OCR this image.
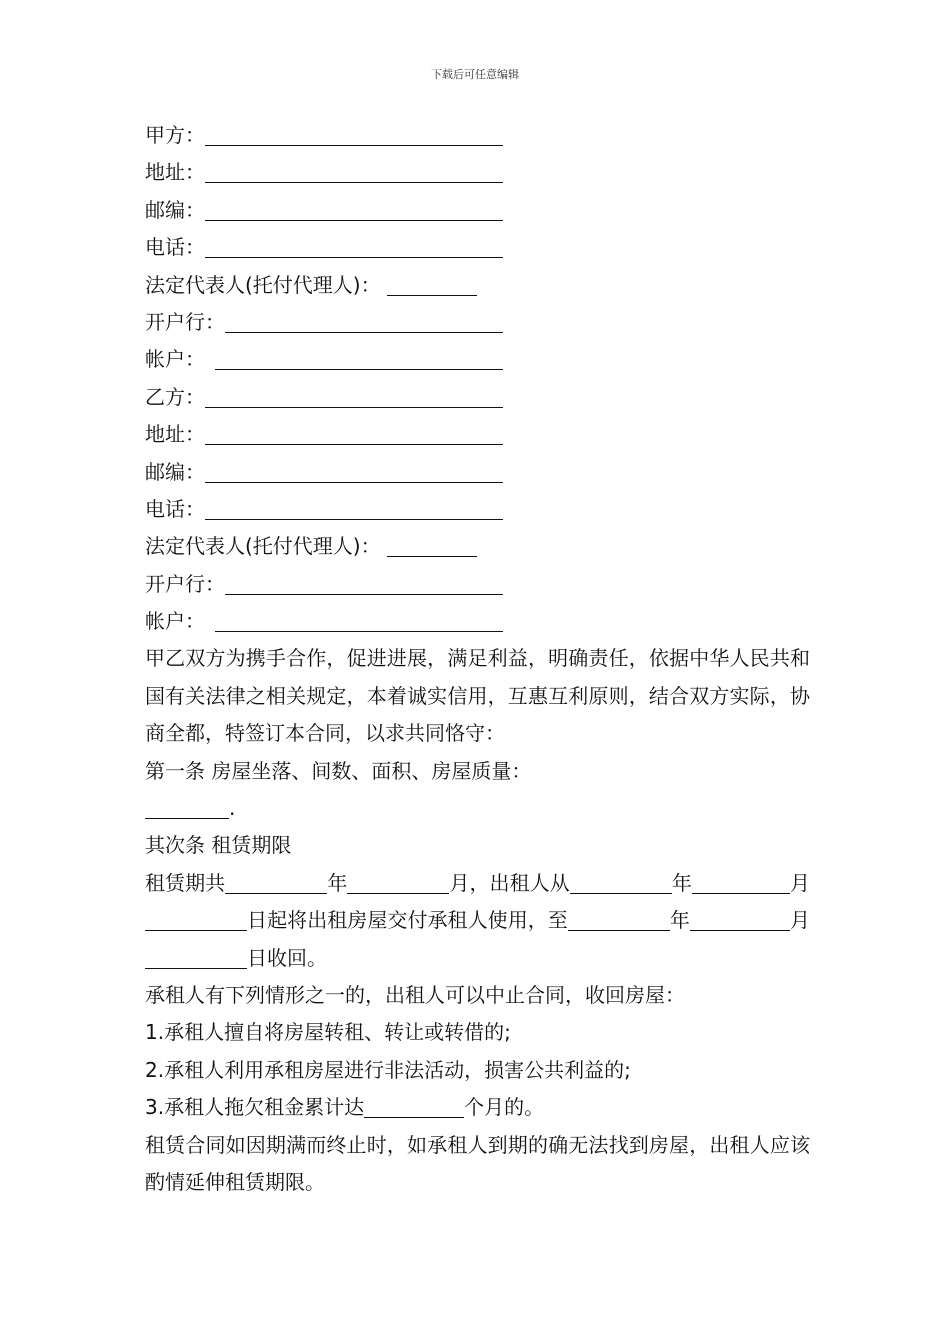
下载后可任意编辑
甲方：
地址：
邮编：
电话：
法定代表人(托付代理人)：
开户行：
帐户：
乙方：
地址：
邮编：
电话：
法定代表人(托付代理人)：
开户行：
帐户：
甲乙双方为携手合作，促进进展，满足利益，明确责任，依据中华人民共和国有关法律之相关规定，本着诚实信用，互惠互利原则，结合双方实际，协商全都，特签订本合同，以求共同恪守：
第一条 房屋坐落、间数、面积、房屋质量：
.
其次条 租赁期限
租赁期共	年	月，出租人从	年	月日起将出租房屋交付承租人使用，至	年	月日收回。
承租人有下列情形之一的，出租人可以中止合同，收回房屋：
1.承租人擅自将房屋转租、转让或转借的;
2.承租人利用承租房屋进行非法活动，损害公共利益的;
3.承租人拖欠租金累计达	个月的。
租赁合同如因期满而终止时，如承租人到期的确无法找到房屋，出租人应该酌情延伸租赁期限。
